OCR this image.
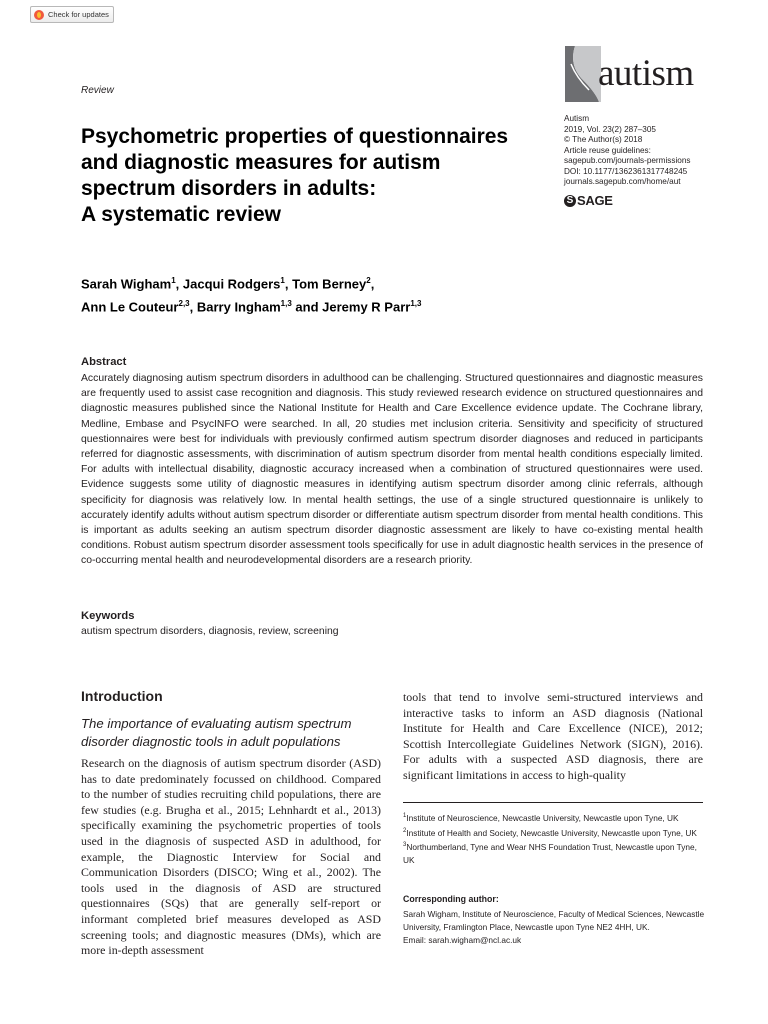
Check for updates
Review
Psychometric properties of questionnaires
and diagnostic measures for autism
spectrum disorders in adults:
A systematic review
autism
Autism
2019, Vol. 23(2) 287–305
© The Author(s) 2018
Article reuse guidelines:
sagepub.com/journals-permissions
DOI: 10.1177/1362361317748245
journals.sagepub.com/home/aut
S SAGE
Sarah Wigham$^1$, Jacqui Rodgers$^1$, Tom Berney$^2$,
Ann Le Couteur$^{2,3}$, Barry Ingham$^{1,3}$ and Jeremy R Parr$^{1,3}$
Abstract
Accurately diagnosing autism spectrum disorders in adulthood can be challenging. Structured questionnaires and diagnostic measures are frequently used to assist case recognition and diagnosis. This study reviewed research evidence on structured questionnaires and diagnostic measures published since the National Institute for Health and Care Excellence evidence update. The Cochrane library, Medline, Embase and PsycINFO were searched. In all, 20 studies met inclusion criteria. Sensitivity and specificity of structured questionnaires were best for individuals with previously confirmed autism spectrum disorder diagnoses and reduced in participants referred for diagnostic assessments, with discrimination of autism spectrum disorder from mental health conditions especially limited. For adults with intellectual disability, diagnostic accuracy increased when a combination of structured questionnaires were used. Evidence suggests some utility of diagnostic measures in identifying autism spectrum disorder among clinic referrals, although specificity for diagnosis was relatively low. In mental health settings, the use of a single structured questionnaire is unlikely to accurately identify adults without autism spectrum disorder or differentiate autism spectrum disorder from mental health conditions. This is important as adults seeking an autism spectrum disorder diagnostic assessment are likely to have co-existing mental health conditions. Robust autism spectrum disorder assessment tools specifically for use in adult diagnostic health services in the presence of co-occurring mental health and neurodevelopmental disorders are a research priority.
Keywords
autism spectrum disorders, diagnosis, review, screening
Introduction
The importance of evaluating autism spectrum disorder diagnostic tools in adult populations
Research on the diagnosis of autism spectrum disorder (ASD) has to date predominately focussed on childhood. Compared to the number of studies recruiting child populations, there are few studies (e.g. Brugha et al., 2015; Lehnhardt et al., 2013) specifically examining the psychometric properties of tools used in the diagnosis of suspected ASD in adulthood, for example, the Diagnostic Interview for Social and Communication Disorders (DISCO; Wing et al., 2002). The tools used in the diagnosis of ASD are structured questionnaires (SQs) that are generally self-report or informant completed brief measures developed as ASD screening tools; and diagnostic measures (DMs), which are more in-depth assessment
tools that tend to involve semi-structured interviews and interactive tasks to inform an ASD diagnosis (National Institute for Health and Care Excellence (NICE), 2012; Scottish Intercollegiate Guidelines Network (SIGN), 2016). For adults with a suspected ASD diagnosis, there are significant limitations in access to high-quality
$^1$Institute of Neuroscience, Newcastle University, Newcastle upon Tyne, UK
$^2$Institute of Health and Society, Newcastle University, Newcastle upon Tyne, UK
$^3$Northumberland, Tyne and Wear NHS Foundation Trust, Newcastle upon Tyne, UK
Corresponding author:
Sarah Wigham, Institute of Neuroscience, Faculty of Medical Sciences, Newcastle University, Framlington Place, Newcastle upon Tyne NE2 4HH, UK.
Email: sarah.wigham@ncl.ac.uk
